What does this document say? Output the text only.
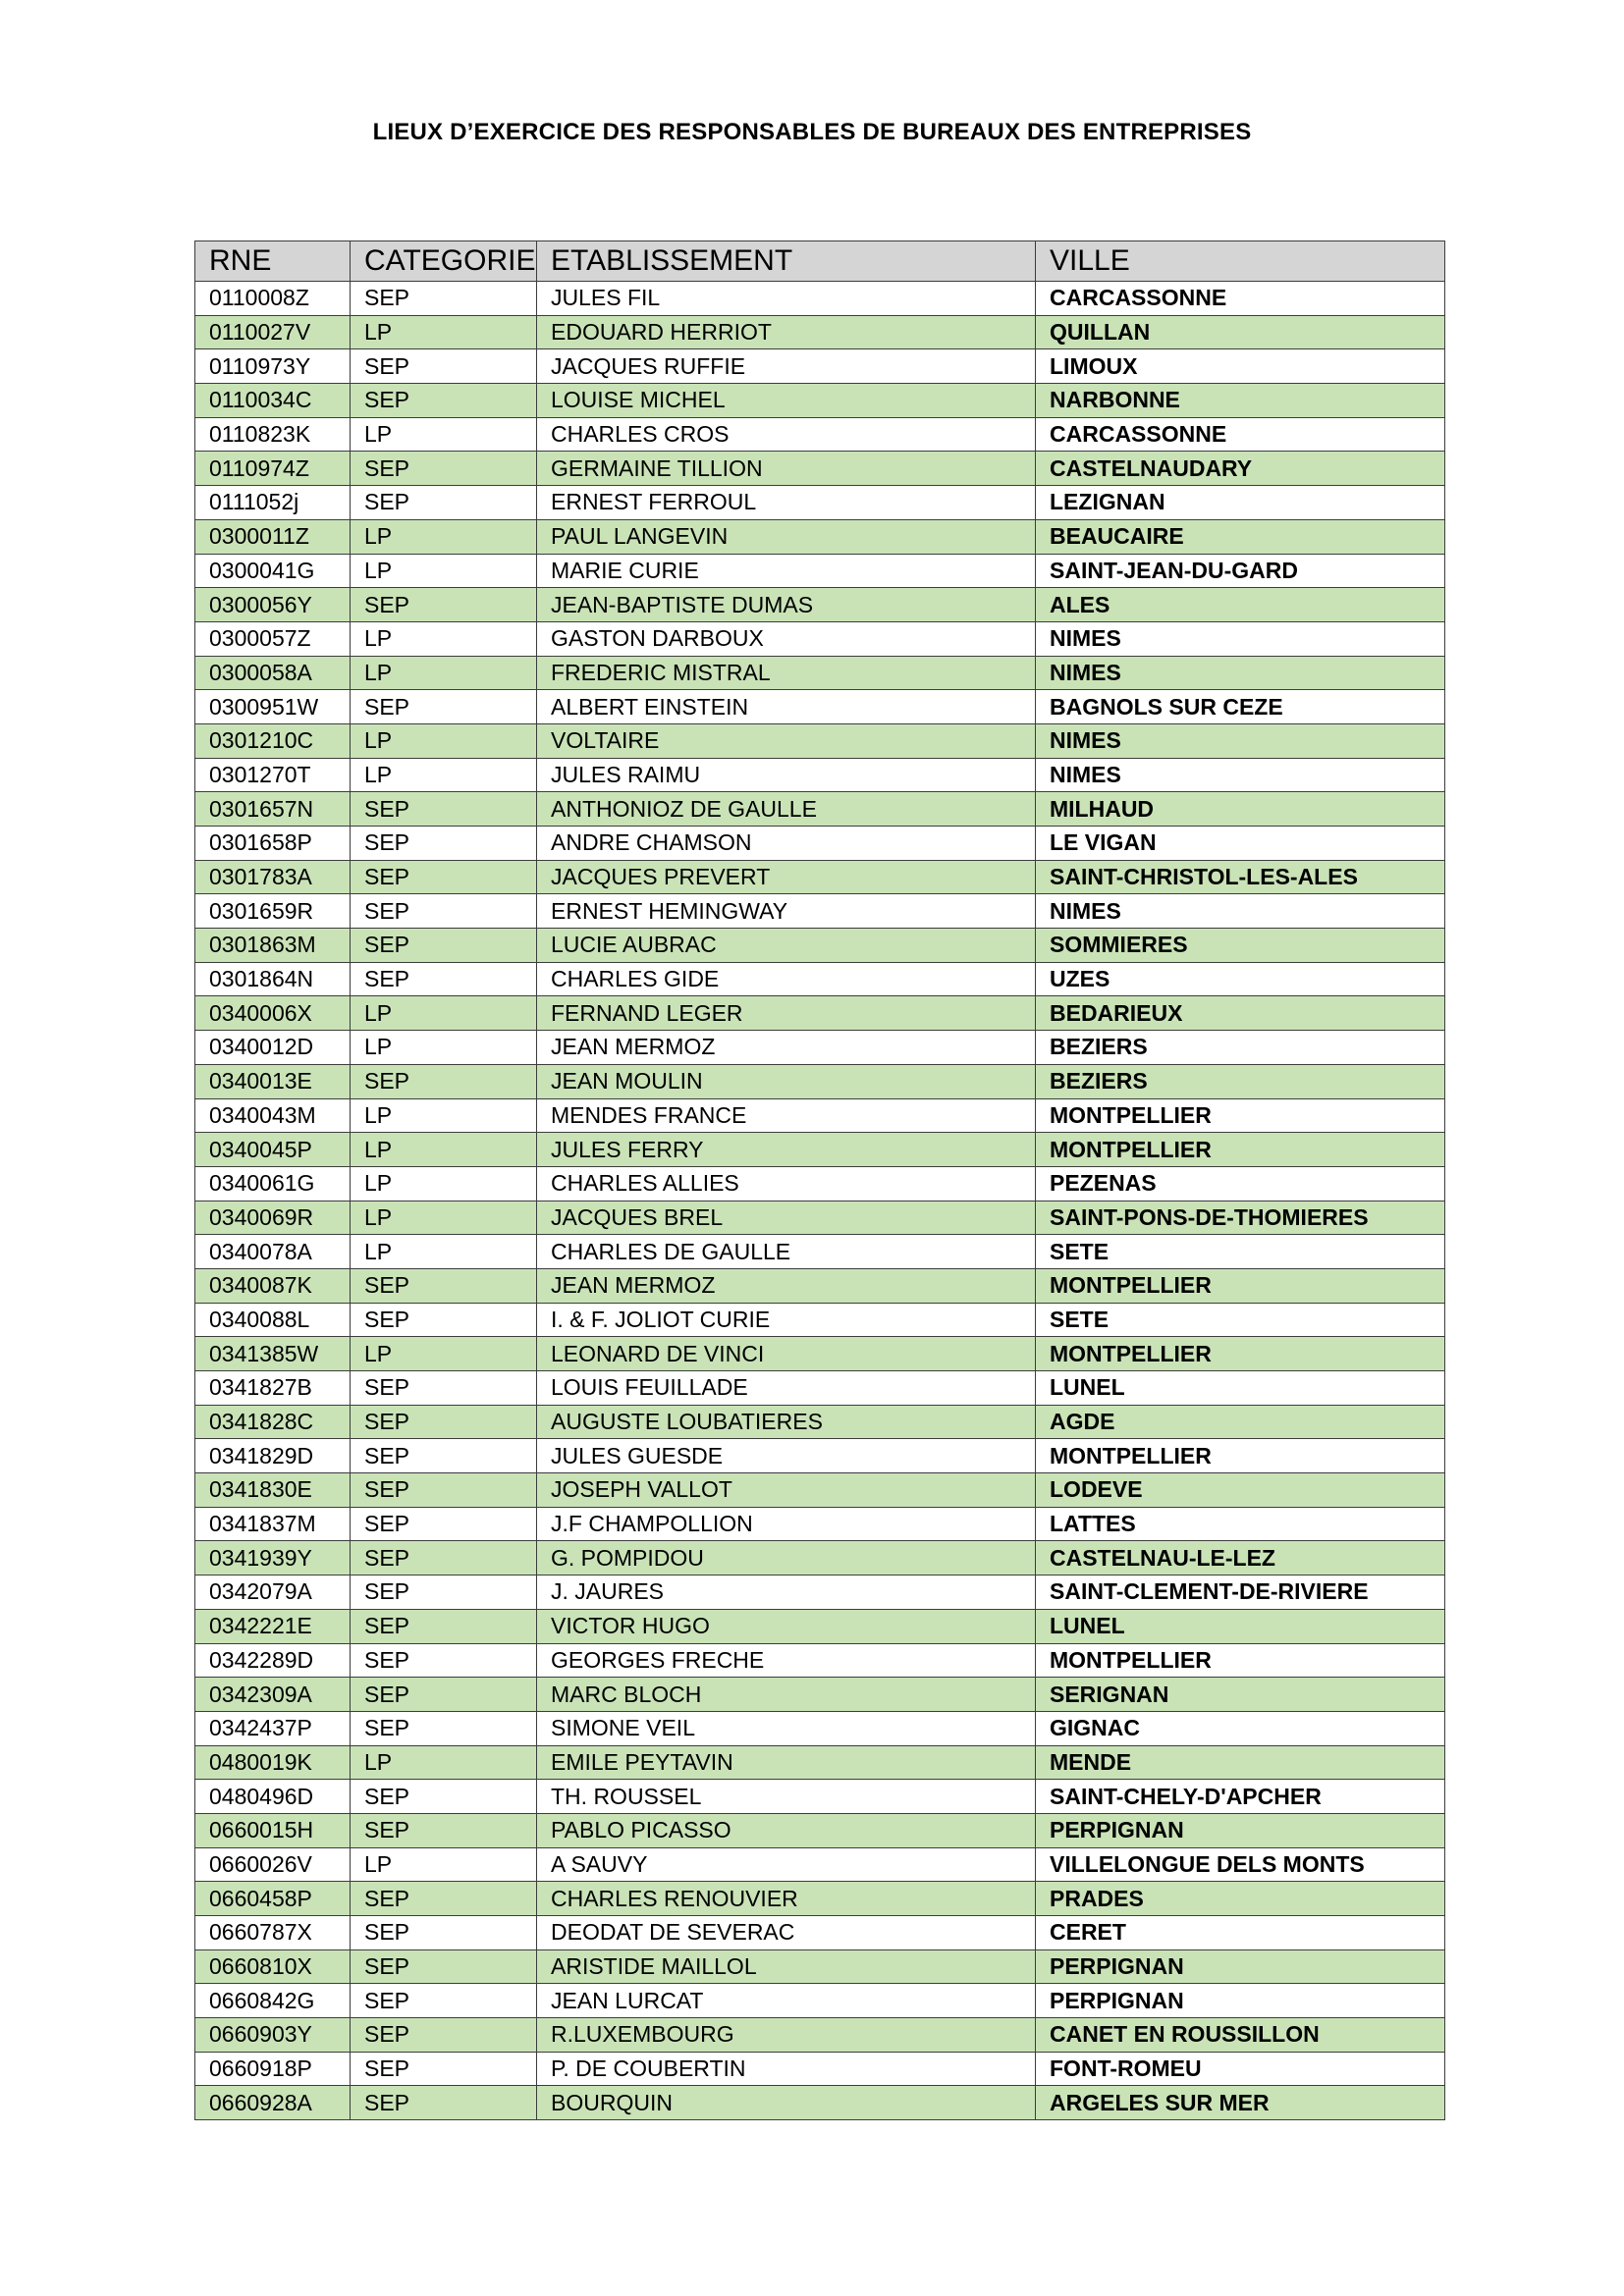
LIEUX D’EXERCICE DES RESPONSABLES DE BUREAUX DES ENTREPRISES
RNE	CATEGORIE	ETABLISSEMENT	VILLE
0110008Z	SEP	JULES FIL	CARCASSONNE
0110027V	LP	EDOUARD HERRIOT	QUILLAN
0110973Y	SEP	JACQUES RUFFIE	LIMOUX
0110034C	SEP	LOUISE MICHEL	NARBONNE
0110823K	LP	CHARLES CROS	CARCASSONNE
0110974Z	SEP	GERMAINE TILLION	CASTELNAUDARY
0111052j	SEP	ERNEST FERROUL	LEZIGNAN
0300011Z	LP	PAUL LANGEVIN	BEAUCAIRE
0300041G	LP	MARIE CURIE	SAINT-JEAN-DU-GARD
0300056Y	SEP	JEAN-BAPTISTE DUMAS	ALES
0300057Z	LP	GASTON DARBOUX	NIMES
0300058A	LP	FREDERIC MISTRAL	NIMES
0300951W	SEP	ALBERT EINSTEIN	BAGNOLS SUR CEZE
0301210C	LP	VOLTAIRE	NIMES
0301270T	LP	JULES RAIMU	NIMES
0301657N	SEP	ANTHONIOZ DE GAULLE	MILHAUD
0301658P	SEP	ANDRE CHAMSON	LE VIGAN
0301783A	SEP	JACQUES PREVERT	SAINT-CHRISTOL-LES-ALES
0301659R	SEP	ERNEST HEMINGWAY	NIMES
0301863M	SEP	LUCIE AUBRAC	SOMMIERES
0301864N	SEP	CHARLES GIDE	UZES
0340006X	LP	FERNAND LEGER	BEDARIEUX
0340012D	LP	JEAN MERMOZ	BEZIERS
0340013E	SEP	JEAN MOULIN	BEZIERS
0340043M	LP	MENDES FRANCE	MONTPELLIER
0340045P	LP	JULES FERRY	MONTPELLIER
0340061G	LP	CHARLES ALLIES	PEZENAS
0340069R	LP	JACQUES BREL	SAINT-PONS-DE-THOMIERES
0340078A	LP	CHARLES DE GAULLE	SETE
0340087K	SEP	JEAN MERMOZ	MONTPELLIER
0340088L	SEP	I. & F. JOLIOT CURIE	SETE
0341385W	LP	LEONARD DE VINCI	MONTPELLIER
0341827B	SEP	LOUIS FEUILLADE	LUNEL
0341828C	SEP	AUGUSTE LOUBATIERES	AGDE
0341829D	SEP	JULES GUESDE	MONTPELLIER
0341830E	SEP	JOSEPH VALLOT	LODEVE
0341837M	SEP	J.F CHAMPOLLION	LATTES
0341939Y	SEP	G. POMPIDOU	CASTELNAU-LE-LEZ
0342079A	SEP	J. JAURES	SAINT-CLEMENT-DE-RIVIERE
0342221E	SEP	VICTOR HUGO	LUNEL
0342289D	SEP	GEORGES FRECHE	MONTPELLIER
0342309A	SEP	MARC BLOCH	SERIGNAN
0342437P	SEP	SIMONE VEIL	GIGNAC
0480019K	LP	EMILE PEYTAVIN	MENDE
0480496D	SEP	TH. ROUSSEL	SAINT-CHELY-D'APCHER
0660015H	SEP	PABLO PICASSO	PERPIGNAN
0660026V	LP	A SAUVY	VILLELONGUE DELS MONTS
0660458P	SEP	CHARLES RENOUVIER	PRADES
0660787X	SEP	DEODAT DE SEVERAC	CERET
0660810X	SEP	ARISTIDE MAILLOL	PERPIGNAN
0660842G	SEP	JEAN LURCAT	PERPIGNAN
0660903Y	SEP	R.LUXEMBOURG	CANET EN ROUSSILLON
0660918P	SEP	P. DE COUBERTIN	FONT-ROMEU
0660928A	SEP	BOURQUIN	ARGELES SUR MER
